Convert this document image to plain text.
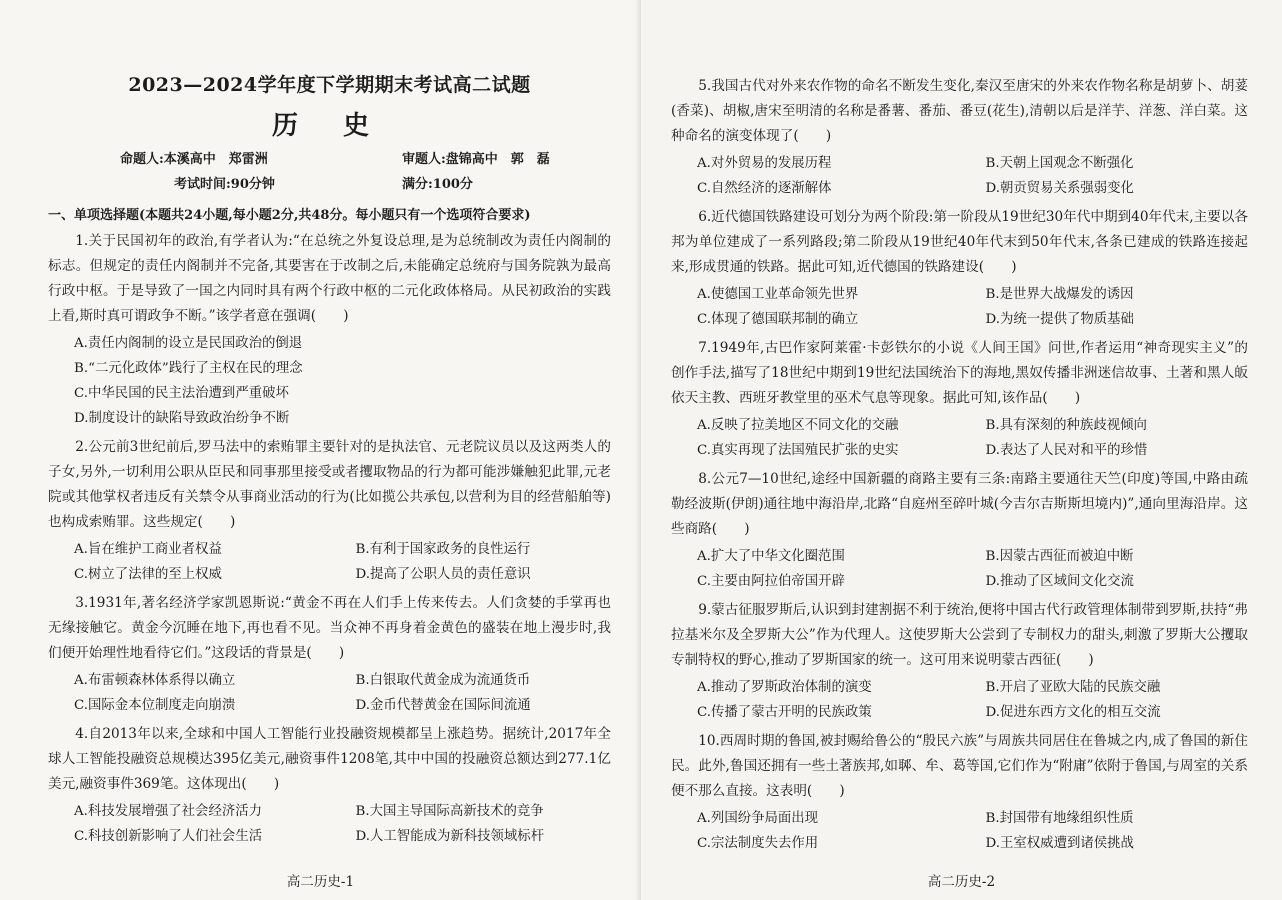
2023—2024学年度下学期期末考试高二试题
历 史
命题人:本溪高中　郑雷洲	审题人:盘锦高中　郭　磊
考试时间:90分钟	满分:100分
一、单项选择题(本题共24小题,每小题2分,共48分。每小题只有一个选项符合要求)

1.关于民国初年的政治,有学者认为:“在总统之外复设总理,是为总统制改为责任内阁制的标志。但规定的责任内阁制并不完备,其要害在于改制之后,未能确定总统府与国务院孰为最高行政中枢。于是导致了一国之内同时具有两个行政中枢的二元化政体格局。从民初政治的实践上看,斯时真可谓政争不断。”该学者意在强调(　　)

A.责任内阁制的设立是民国政治的倒退
B.“二元化政体”践行了主权在民的理念
C.中华民国的民主法治遭到严重破坏
D.制度设计的缺陷导致政治纷争不断

2.公元前3世纪前后,罗马法中的索贿罪主要针对的是执法官、元老院议员以及这两类人的子女,另外,一切利用公职从臣民和同事那里接受或者攫取物品的行为都可能涉嫌触犯此罪,元老院或其他掌权者违反有关禁令从事商业活动的行为(比如揽公共承包,以营利为目的经营船舶等)也构成索贿罪。这些规定(　　)

A.旨在维护工商业者权益	B.有利于国家政务的良性运行
C.树立了法律的至上权威	D.提高了公职人员的责任意识

3.1931年,著名经济学家凯恩斯说:“黄金不再在人们手上传来传去。人们贪婪的手掌再也无缘接触它。黄金今沉睡在地下,再也看不见。当众神不再身着金黄色的盛装在地上漫步时,我们便开始理性地看待它们。”这段话的背景是(　　)

A.布雷顿森林体系得以确立	B.白银取代黄金成为流通货币
C.国际金本位制度走向崩溃	D.金币代替黄金在国际间流通

4.自2013年以来,全球和中国人工智能行业投融资规模都呈上涨趋势。据统计,2017年全球人工智能投融资总规模达395亿美元,融资事件1208笔,其中中国的投融资总额达到277.1亿美元,融资事件369笔。这体现出(　　)

A.科技发展增强了社会经济活力	B.大国主导国际高新技术的竞争
C.科技创新影响了人们社会生活	D.人工智能成为新科技领域标杆
高二历史-1

5.我国古代对外来农作物的命名不断发生变化,秦汉至唐宋的外来农作物名称是胡萝卜、胡荽(香菜)、胡椒,唐宋至明清的名称是番薯、番茄、番豆(花生),清朝以后是洋芋、洋葱、洋白菜。这种命名的演变体现了(　　)

A.对外贸易的发展历程	B.天朝上国观念不断强化
C.自然经济的逐渐解体	D.朝贡贸易关系强弱变化

6.近代德国铁路建设可划分为两个阶段:第一阶段从19世纪30年代中期到40年代末,主要以各邦为单位建成了一系列路段;第二阶段从19世纪40年代末到50年代末,各条已建成的铁路连接起来,形成贯通的铁路。据此可知,近代德国的铁路建设(　　)

A.使德国工业革命领先世界	B.是世界大战爆发的诱因
C.体现了德国联邦制的确立	D.为统一提供了物质基础

7.1949年,古巴作家阿莱霍·卡彭铁尔的小说《人间王国》问世,作者运用“神奇现实主义”的创作手法,描写了18世纪中期到19世纪法国统治下的海地,黑奴传播非洲迷信故事、土著和黑人皈依天主教、西班牙教堂里的巫术气息等现象。据此可知,该作品(　　)

A.反映了拉美地区不同文化的交融	B.具有深刻的种族歧视倾向
C.真实再现了法国殖民扩张的史实	D.表达了人民对和平的珍惜

8.公元7—10世纪,途经中国新疆的商路主要有三条:南路主要通往天竺(印度)等国,中路由疏勒经波斯(伊朗)通往地中海沿岸,北路“自庭州至碎叶城(今吉尔吉斯斯坦境内)”,通向里海沿岸。这些商路(　　)

A.扩大了中华文化圈范围	B.因蒙古西征而被迫中断
C.主要由阿拉伯帝国开辟	D.推动了区域间文化交流

9.蒙古征服罗斯后,认识到封建割据不利于统治,便将中国古代行政管理体制带到罗斯,扶持“弗拉基米尔及全罗斯大公”作为代理人。这使罗斯大公尝到了专制权力的甜头,刺激了罗斯大公攫取专制特权的野心,推动了罗斯国家的统一。这可用来说明蒙古西征(　　)

A.推动了罗斯政治体制的演变	B.开启了亚欧大陆的民族交融
C.传播了蒙古开明的民族政策	D.促进东西方文化的相互交流

10.西周时期的鲁国,被封赐给鲁公的“殷民六族”与周族共同居住在鲁城之内,成了鲁国的新住民。此外,鲁国还拥有一些土著族邦,如郰、牟、葛等国,它们作为“附庸”依附于鲁国,与周室的关系便不那么直接。这表明(　　)

A.列国纷争局面出现	B.封国带有地缘组织性质
C.宗法制度失去作用	D.王室权威遭到诸侯挑战
高二历史-2
